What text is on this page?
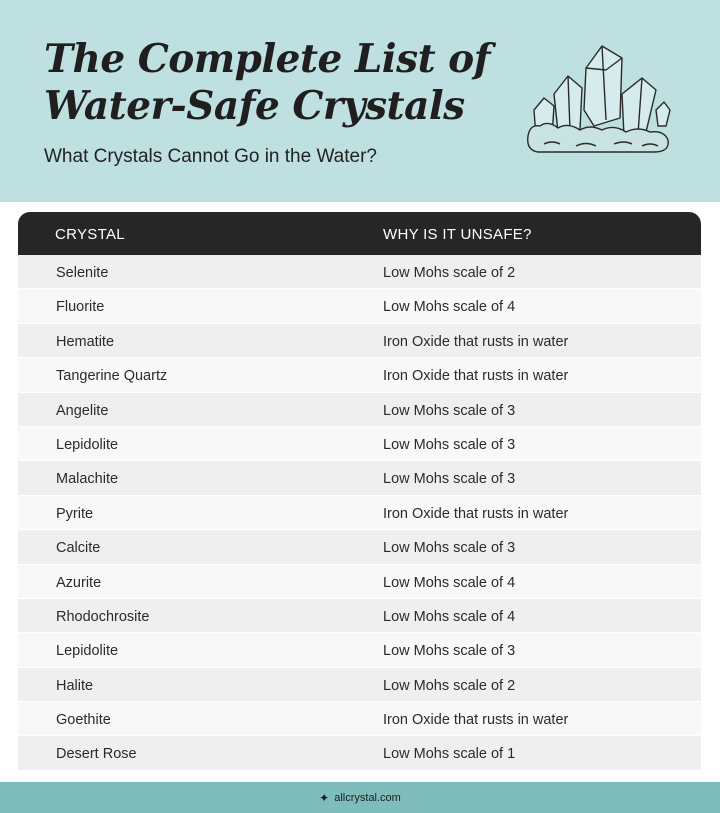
The Complete List of
Water-Safe Crystals
What Crystals Cannot Go in the Water?
CRYSTAL	WHY IS IT UNSAFE?
Selenite	Low Mohs scale of 2
Fluorite	Low Mohs scale of 4
Hematite	Iron Oxide that rusts in water
Tangerine Quartz	Iron Oxide that rusts in water
Angelite	Low Mohs scale of 3
Lepidolite	Low Mohs scale of 3
Malachite	Low Mohs scale of 3
Pyrite	Iron Oxide that rusts in water
Calcite	Low Mohs scale of 3
Azurite	Low Mohs scale of 4
Rhodochrosite	Low Mohs scale of 4
Lepidolite	Low Mohs scale of 3
Halite	Low Mohs scale of 2
Goethite	Iron Oxide that rusts in water
Desert Rose	Low Mohs scale of 1
✦ allcrystal.com
